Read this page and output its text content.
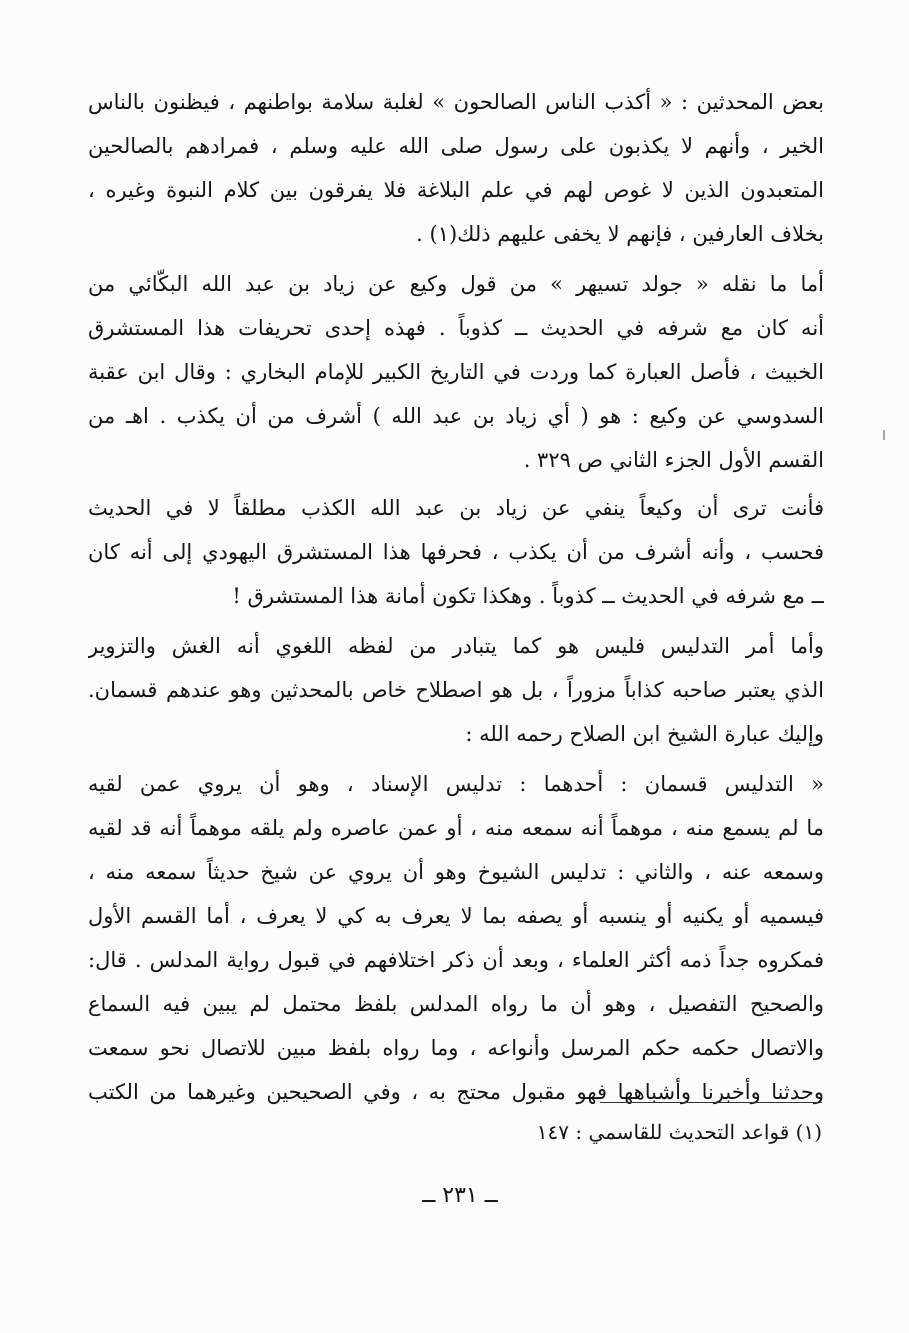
بعض المحدثين : « أكذب الناس الصالحون » لغلبة سلامة بواطنهم ، فيظنون بالناس
الخير ، وأنهم لا يكذبون على رسول صلى الله عليه وسلم ، فمرادهم بالصالحين
المتعبدون الذين لا غوص لهم في علم البلاغة فلا يفرقون بين كلام النبوة وغيره ،
بخلاف العارفين ، فإنهم لا يخفى عليهم ذلك(١) .
أما ما نقله « جولد تسيهر » من قول وكيع عن زياد بن عبد الله البكّائي من
أنه كان مع شرفه في الحديث ــ كذوباً . فهذه إحدى تحريفات هذا المستشرق
الخبيث ، فأصل العبارة كما وردت في التاريخ الكبير للإمام البخاري : وقال ابن عقبة
السدوسي عن وكيع : هو ( أي زياد بن عبد الله ) أشرف من أن يكذب . اهـ من
القسم الأول الجزء الثاني ص ٣٢٩ .
فأنت ترى أن وكيعاً ينفي عن زياد بن عبد الله الكذب مطلقاً لا في الحديث
فحسب ، وأنه أشرف من أن يكذب ، فحرفها هذا المستشرق اليهودي إلى أنه كان
ــ مع شرفه في الحديث ــ كذوباً . وهكذا تكون أمانة هذا المستشرق !
وأما أمر التدليس فليس هو كما يتبادر من لفظه اللغوي أنه الغش والتزوير
الذي يعتبر صاحبه كذاباً مزوراً ، بل هو اصطلاح خاص بالمحدثين وهو عندهم قسمان.
وإليك عبارة الشيخ ابن الصلاح رحمه الله :
« التدليس قسمان : أحدهما : تدليس الإسناد ، وهو أن يروي عمن لقيه
ما لم يسمع منه ، موهماً أنه سمعه منه ، أو عمن عاصره ولم يلقه موهماً أنه قد لقيه
وسمعه عنه ، والثاني : تدليس الشيوخ وهو أن يروي عن شيخ حديثاً سمعه منه ،
فيسميه أو يكنيه أو ينسبه أو يصفه بما لا يعرف به كي لا يعرف ، أما القسم الأول
فمكروه جداً ذمه أكثر العلماء ، وبعد أن ذكر اختلافهم في قبول رواية المدلس . قال:
والصحيح التفصيل ، وهو أن ما رواه المدلس بلفظ محتمل لم يبين فيه السماع
والاتصال حكمه حكم المرسل وأنواعه ، وما رواه بلفظ مبين للاتصال نحو سمعت
وحدثنا وأخبرنا وأشباهها فهو مقبول محتج به ، وفي الصحيحين وغيرهما من الكتب
(١) قواعد التحديث للقاسمي : ١٤٧
ــ ٢٣١ ــ
